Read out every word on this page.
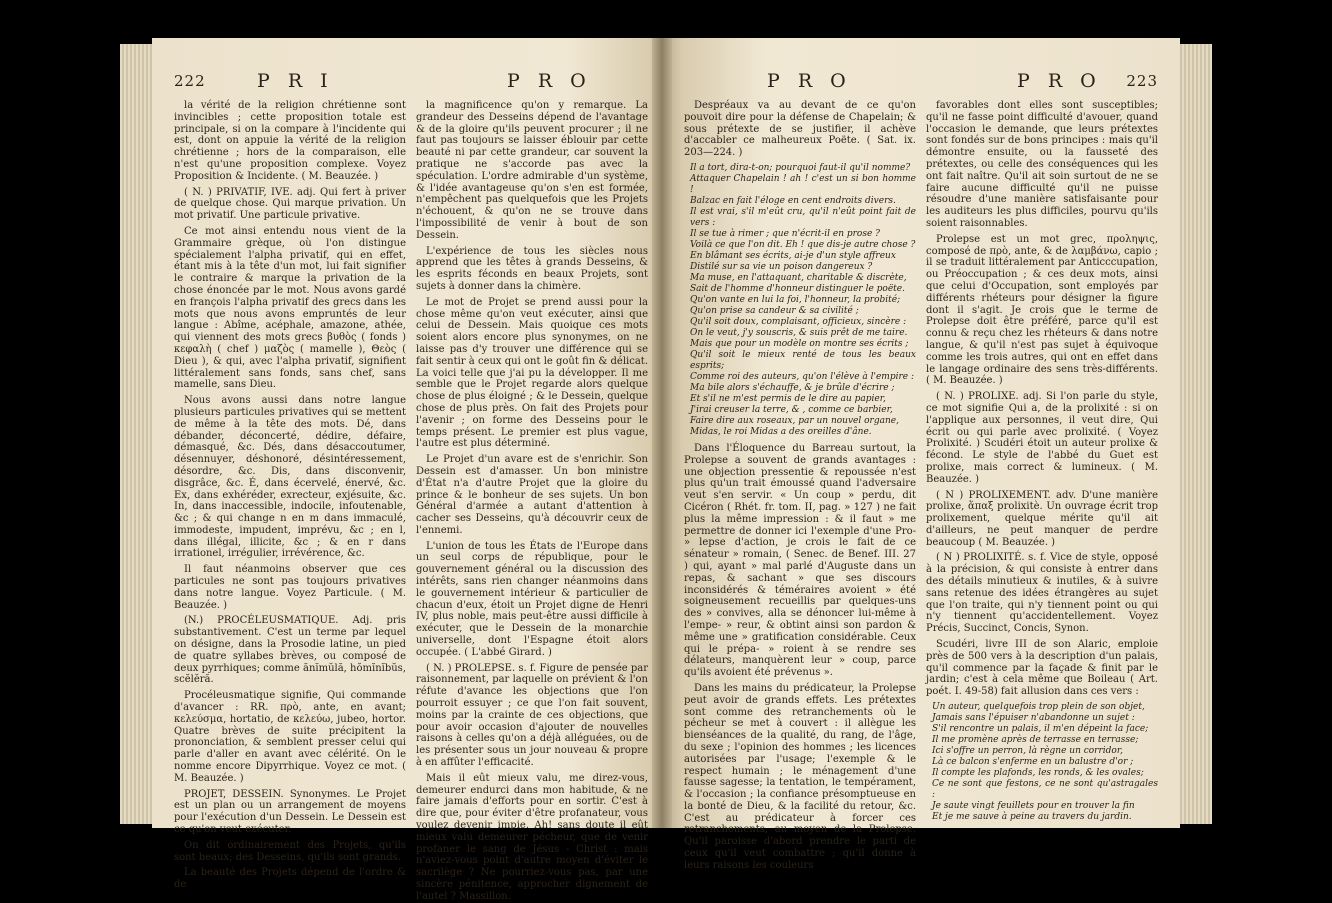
222	P R I	P R O

la vérité de la religion chrétienne sont invincibles ; cette proposition totale est principale, si on la compare à l'incidente qui est, dont on appuie la vérité de la religion chrétienne ; hors de la comparaison, elle n'est qu'une proposition complexe. Voyez Proposition & Incidente. ( M. Beauzée. )

( N. ) PRIVATIF, IVE. adj. Qui fert à priver de quelque chose. Qui marque privation. Un mot privatif. Une particule privative.

Ce mot ainsi entendu nous vient de la Grammaire grèque, où l'on distingue spécialement l'alpha privatif, qui en effet, étant mis à la tête d'un mot, lui fait signifier le contraire & marque la privation de la chose énoncée par le mot. Nous avons gardé en françois l'alpha privatif des grecs dans les mots que nous avons empruntés de leur langue : Abîme, acéphale, amazone, athée, qui viennent des mots grecs βυθὸς ( fonds ) κεφαλὴ ( chef ) μαζὸς ( mamelle ), Θεὸς ( Dieu ), & qui, avec l'alpha privatif, signifient littéralement sans fonds, sans chef, sans mamelle, sans Dieu.

Nous avons aussi dans notre langue plusieurs particules privatives qui se mettent de même à la tête des mots. Dé, dans débander, déconcerté, dédire, défaire, démasqué, &c. Dés, dans désaccoutumer, désennuyer, déshonoré, désintéressement, désordre, &c. Dis, dans disconvenir, disgrâce, &c. É, dans écervelé, énervé, &c. Ex, dans exhéréder, exrecteur, exjésuite, &c. In, dans inaccessible, indocile, infoutenable, &c ; & qui change n en m dans immaculé, immodeste, impudent, imprévu, &c ; en l, dans illégal, illicite, &c ; & en r dans irrationel, irrégulier, irrévérence, &c.

Il faut néanmoins observer que ces particules ne sont pas toujours privatives dans notre langue. Voyez Particule. ( M. Beauzée. )

(N.) PROCÉLEUSMATIQUE. Adj. pris substantivement. C'est un terme par lequel on désigne, dans la Prosodie latine, un pied de quatre syllabes brèves, ou composé de deux pyrrhiques; comme ănĭmŭlă, hŏmĭnĭbŭs, scĕlĕră.

Procéleusmatique signifie, Qui commande d'avancer : RR. πρὸ, ante, en avant; κελεύσμα, hortatio, de κελεύω, jubeo, hortor. Quatre brèves de suite précipitent la prononciation, & semblent presser celui qui parle d'aller en avant avec célérité. On le nomme encore Dipyrrhique. Voyez ce mot. ( M. Beauzée. )

PROJET, DESSEIN. Synonymes. Le Projet est un plan ou un arrangement de moyens pour l'exécution d'un Dessein. Le Dessein est ce qu'on veut exécuter.

On dit ordinairement des Projets, qu'ils sont beaux; des Desseins, qu'ils sont grands.

La beauté des Projets dépend de l'ordre & de

la magnificence qu'on y remarque. La grandeur des Desseins dépend de l'avantage & de la gloire qu'ils peuvent procurer ; il ne faut pas toujours se laisser éblouir par cette beauté ni par cette grandeur, car souvent la pratique ne s'accorde pas avec la spéculation. L'ordre admirable d'un système, & l'idée avantageuse qu'on s'en est formée, n'empêchent pas quelquefois que les Projets n'échouent, & qu'on ne se trouve dans l'impossibilité de venir à bout de son Dessein.

L'expérience de tous les siècles nous apprend que les têtes à grands Desseins, & les esprits féconds en beaux Projets, sont sujets à donner dans la chimère.

Le mot de Projet se prend aussi pour la chose même qu'on veut exécuter, ainsi que celui de Dessein. Mais quoique ces mots soient alors encore plus synonymes, on ne laisse pas d'y trouver une différence qui se fait sentir à ceux qui ont le goût fin & délicat. La voici telle que j'ai pu la développer. Il me semble que le Projet regarde alors quelque chose de plus éloigné ; & le Dessein, quelque chose de plus près. On fait des Projets pour l'avenir ; on forme des Desseins pour le temps présent. Le premier est plus vague, l'autre est plus déterminé.

Le Projet d'un avare est de s'enrichir. Son Dessein est d'amasser. Un bon ministre d'État n'a d'autre Projet que la gloire du prince & le bonheur de ses sujets. Un bon Général d'armée a autant d'attention à cacher ses Desseins, qu'à découvrir ceux de l'ennemi.

L'union de tous les États de l'Europe dans un seul corps de république, pour le gouvernement général ou la discussion des intérêts, sans rien changer néanmoins dans le gouvernement intérieur & particulier de chacun d'eux, étoit un Projet digne de Henri IV, plus noble, mais peut-être aussi difficile à exécuter, que le Dessein de la monarchie universelle, dont l'Espagne étoit alors occupée. ( L'abbé Girard. )

( N. ) PROLEPSE. s. f. Figure de pensée par raisonnement, par laquelle on prévient & l'on réfute d'avance les objections que l'on pourroit essuyer ; ce que l'on fait souvent, moins par la crainte de ces objections, que pour avoir occasion d'ajouter de nouvelles raisons à celles qu'on a déjà alléguées, ou de les présenter sous un jour nouveau & propre à en affûter l'efficacité.

Mais il eût mieux valu, me direz-vous, demeurer endurci dans mon habitude, & ne faire jamais d'efforts pour en sortir. C'est à dire que, pour éviter d'être profanateur, vous voulez devenir impie. Ah! sans doute il eût mieux valu demeurer pécheur, que de venir profaner le sang de Jésus - Christ : mais n'aviez-vous point d'autre moyen d'éviter le sacrilège ? Ne pourriez-vous pas, par une sincère pénitence, approcher dignement de l'autel ? Massillon.

P R O	P R O 223

Despréaux va au devant de ce qu'on pouvoit dire pour la défense de Chapelain; & sous prétexte de se justifier, il achève d'accabler ce malheureux Poëte. ( Sat. ix. 203—224. )

Il a tort, dira-t-on; pourquoi faut-il qu'il nomme?
Attaquer Chapelain ! ah ! c'est un si bon homme !
Balzac en fait l'éloge en cent endroits divers.
Il est vrai, s'il m'eût cru, qu'il n'eût point fait de vers :
Il se tue à rimer ; que n'écrit-il en prose ?
Voilà ce que l'on dit. Eh ! que dis-je autre chose ?
En blâmant ses écrits, ai-je d'un style affreux
Distilé sur sa vie un poison dangereux ?
Ma muse, en l'attaquant, charitable & discrète,
Sait de l'homme d'honneur distinguer le poëte.
Qu'on vante en lui la foi, l'honneur, la probité;
Qu'on prise sa candeur & sa civilité ;
Qu'il soit doux, complaisant, officieux, sincère :
On le veut, j'y souscris, & suis prêt de me taire.
Mais que pour un modèle on montre ses écrits ;
Qu'il soit le mieux renté de tous les beaux esprits;
Comme roi des auteurs, qu'on l'élève à l'empire :
Ma bile alors s'échauffe, & je brûle d'écrire ;
Et s'il ne m'est permis de le dire au papier,
J'irai creuser la terre, & , comme ce barbier,
Faire dire aux roseaux, par un nouvel organe,
Midas, le roi Midas a des oreilles d'âne.

Dans l'Éloquence du Barreau surtout, la Prolepse a souvent de grands avantages : une objection pressentie & repoussée n'est plus qu'un trait émoussé quand l'adversaire veut s'en servir. « Un coup » perdu, dit Cicéron ( Rhét. fr. tom. II, pag. » 127 ) ne fait plus la même impression : & il faut » me permettre de donner ici l'exemple d'une Pro- » lepse d'action, je crois le fait de ce sénateur » romain, ( Senec. de Benef. III. 27 ) qui, ayant » mal parlé d'Auguste dans un repas, & sachant » que ses discours inconsidérés & téméraires avoient » été soigneusement recueillis par quelques-uns des » convives, alla se dénoncer lui-même à l'empe- » reur, & obtint ainsi son pardon & même une » gratification considérable. Ceux qui le prépa- » roient à se rendre ses délateurs, manquèrent leur » coup, parce qu'ils avoient été prévenus ».

Dans les mains du prédicateur, la Prolepse peut avoir de grands effets. Les prétextes sont comme des retranchements où le pécheur se met à couvert : il allègue les bienséances de la qualité, du rang, de l'âge, du sexe ; l'opinion des hommes ; les licences autorisées par l'usage; l'exemple & le respect humain ; le ménagement d'une fausse sagesse; la tentation, le tempérament, & l'occasion ; la confiance présomptueuse en la bonté de Dieu, & la facilité du retour, &c. C'est au prédicateur à forcer ces retranchements, au moyen de la Prolepse. Qu'il paroisse d'abord prendre le parti de ceux qu'il veut combattre ; qu'il donne à leurs raisons les couleurs

favorables dont elles sont susceptibles; qu'il ne fasse point difficulté d'avouer, quand l'occasion le demande, que leurs prétextes sont fondés sur de bons principes : mais qu'il démontre ensuite, ou la fausseté des prétextes, ou celle des conséquences qui les ont fait naître. Qu'il ait soin surtout de ne se faire aucune difficulté qu'il ne puisse résoudre d'une manière satisfaisante pour les auditeurs les plus difficiles, pourvu qu'ils soient raisonnables.

Prolepse est un mot grec, προληψις, composé de πρὸ, ante, & de λαμβάνω, capio ; il se traduit littéralement par Anticccupation, ou Préoccupation ; & ces deux mots, ainsi que celui d'Occupation, sont employés par différents rhéteurs pour désigner la figure dont il s'agit. Je crois que le terme de Prolepse doit être préféré, parce qu'il est connu & reçu chez les rhéteurs & dans notre langue, & qu'il n'est pas sujet à équivoque comme les trois autres, qui ont en effet dans le langage ordinaire des sens très-différents. ( M. Beauzée. )

( N. ) PROLIXE. adj. Si l'on parle du style, ce mot signifie Qui a, de la prolixité : si on l'applique aux personnes, il veut dire, Qui écrit ou qui parle avec prolixité. ( Voyez Prolixité. ) Scudéri étoit un auteur prolixe & fécond. Le style de l'abbé du Guet est prolixe, mais correct & lumineux. ( M. Beauzée. )

( N ) PROLIXEMENT. adv. D'une manière prolixe, ἅπαξ prolixitè. Un ouvrage écrit trop prolixement, quelque mérite qu'il ait d'ailleurs, ne peut manquer de perdre beaucoup ( M. Beauzée. )

( N ) PROLIXITÉ. s. f. Vice de style, opposé à la précision, & qui consiste à entrer dans des détails minutieux & inutiles, & à suivre sans retenue des idées étrangères au sujet que l'on traite, qui n'y tiennent point ou qui n'y tiennent qu'accidentellement. Voyez Précis, Succinct, Concis, Synon.

Scudéri, livre III de son Alaric, emploie près de 500 vers à la description d'un palais, qu'il commence par la façade & finit par le jardin; c'est à cela même que Boileau ( Art. poét. I. 49-58) fait allusion dans ces vers :

Un auteur, quelquefois trop plein de son objet,
Jamais sans l'épuiser n'abandonne un sujet :
S'il rencontre un palais, il m'en dépeint la face;
Il me promène après de terrasse en terrasse;
Ici s'offre un perron, là règne un corridor,
Là ce balcon s'enferme en un balustre d'or ;
Il compte les plafonds, les ronds, & les ovales;
Ce ne sont que festons, ce ne sont qu'astragales :
Je saute vingt feuillets pour en trouver la fin
Et je me sauve à peine au travers du jardin.
